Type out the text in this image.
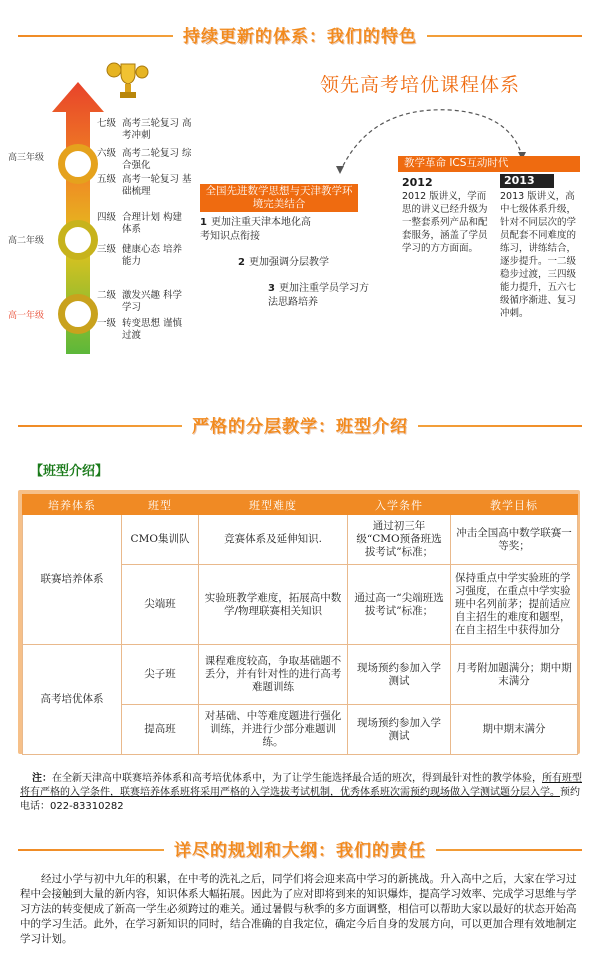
持续更新的体系：我们的特色
高三年级
高二年级
高一年级
七级 高考三轮复习 高考冲刺
六级 高考二轮复习 综合强化
五级 高考一轮复习 基础梳理
四级 合理计划 构建体系
三级 健康心态 培养能力
二级 激发兴趣 科学学习
一级 转变思想 谨慎过渡
领先高考培优课程体系
全国先进数学思想与天津教学环境完美结合
1 更加注重天津本地化高考知识点衔接
2 更加强调分层教学
3 更加注重学员学习方法思路培养
教学革命 ICS互动时代
2012	2013
2012 版讲义，学而思的讲义已经升级为一整套系列产品和配套服务，涵盖了学员学习的方方面面。
2013 版讲义，高中七级体系升级，针对不同层次的学员配套不同难度的练习，讲练结合，逐步提升。一二级稳步过渡，三四级能力提升，五六七级循序渐进、复习冲刺。
严格的分层教学：班型介绍
【班型介绍】
培养体系	班型	班型难度	入学条件	教学目标
联赛培养体系	CMO集训队	竞赛体系及延伸知识.	通过初三年级“CMO预备班选拔考试”标准；	冲击全国高中数学联赛一等奖；
	尖端班	实验班教学难度，拓展高中数学/物理联赛相关知识	通过高一“尖端班选拔考试”标准；	保持重点中学实验班的学习强度，在重点中学实验班中名列前茅；提前适应自主招生的难度和题型，在自主招生中获得加分
高考培优体系	尖子班	课程难度较高，争取基础题不丢分，并有针对性的进行高考难题训练	现场预约参加入学测试	月考附加题满分；期中期末满分
	提高班	对基础、中等难度题进行强化训练，并进行少部分难题训练。	现场预约参加入学测试	期中期末满分
注：在全新天津高中联赛培养体系和高考培优体系中，为了让学生能选择最合适的班次，得到最针对性的教学体验，所有班型将有严格的入学条件，联赛培养体系班将采用严格的入学选拔考试机制，优秀体系班次需预约现场做入学测试题分层入学。预约电话：022-83310282
详尽的规划和大纲：我们的责任
经过小学与初中九年的积累，在中考的洗礼之后，同学们将会迎来高中学习的新挑战。升入高中之后，大家在学习过程中会接触到大量的新内容，知识体系大幅拓展。因此为了应对即将到来的知识爆炸，提高学习效率、完成学习思维与学习方法的转变便成了新高一学生必须跨过的难关。通过暑假与秋季的多方面调整，相信可以帮助大家以最好的状态开始高中的学习生活。此外，在学习新知识的同时，结合准确的自我定位，确定今后自身的发展方向，可以更加合理有效地制定学习计划。
